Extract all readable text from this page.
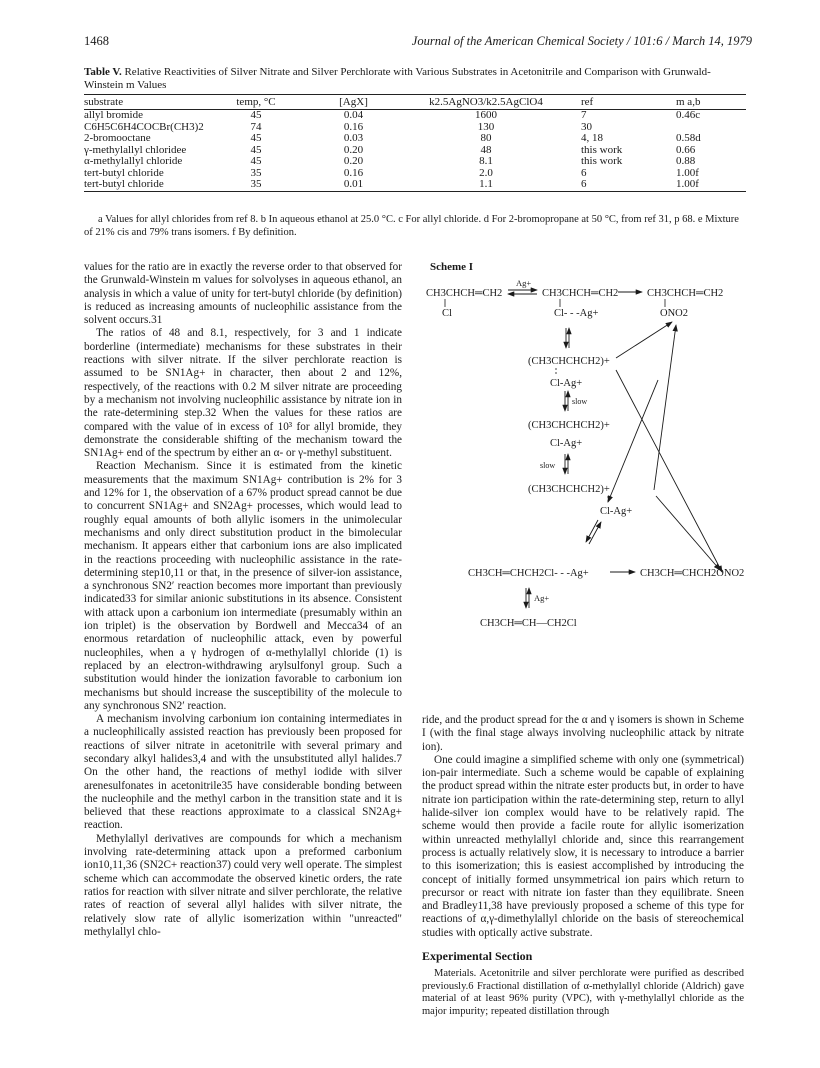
1468	Journal of the American Chemical Society / 101:6 / March 14, 1979
Table V. Relative Reactivities of Silver Nitrate and Silver Perchlorate with Various Substrates in Acetonitrile and Comparison with Grunwald-Winstein m Values
substrate	temp, °C	[AgX]	k2.5AgNO3/k2.5AgClO4	ref	m a,b
allyl bromide	45	0.04	1600	7	0.46c
C6H5C6H4COCBr(CH3)2	74	0.16	130	30	
2-bromooctane	45	0.03	80	4, 18	0.58d
γ-methylallyl chloridee	45	0.20	48	this work	0.66
α-methylallyl chloride	45	0.20	8.1	this work	0.88
tert-butyl chloride	35	0.16	2.0	6	1.00f
tert-butyl chloride	35	0.01	1.1	6	1.00f
a Values for allyl chlorides from ref 8. b In aqueous ethanol at 25.0 °C. c For allyl chloride. d For 2-bromopropane at 50 °C, from ref 31, p 68. e Mixture of 21% cis and 79% trans isomers. f By definition.

values for the ratio are in exactly the reverse order to that observed for the Grunwald-Winstein m values for solvolyses in aqueous ethanol, an analysis in which a value of unity for tert-butyl chloride (by definition) is reduced as increasing amounts of nucleophilic assistance from the solvent occurs.31

The ratios of 48 and 8.1, respectively, for 3 and 1 indicate borderline (intermediate) mechanisms for these substrates in their reactions with silver nitrate. If the silver perchlorate reaction is assumed to be SN1Ag+ in character, then about 2 and 12%, respectively, of the reactions with 0.2 M silver nitrate are proceeding by a mechanism not involving nucleophilic assistance by nitrate ion in the rate-determining step.32 When the values for these ratios are compared with the value of in excess of 10³ for allyl bromide, they demonstrate the considerable shifting of the mechanism toward the SN1Ag+ end of the spectrum by either an α- or γ-methyl substituent.

Reaction Mechanism. Since it is estimated from the kinetic measurements that the maximum SN1Ag+ contribution is 2% for 3 and 12% for 1, the observation of a 67% product spread cannot be due to concurrent SN1Ag+ and SN2Ag+ processes, which would lead to roughly equal amounts of both allylic isomers in the unimolecular mechanisms and only direct substitution product in the bimolecular mechanism. It appears either that carbonium ions are also implicated in the reactions proceeding with nucleophilic assistance in the rate-determining step10,11 or that, in the presence of silver-ion assistance, a synchronous SN2′ reaction becomes more important than previously indicated33 for similar anionic substitutions in its absence. Consistent with attack upon a carbonium ion intermediate (presumably within an ion triplet) is the observation by Bordwell and Mecca34 of an enormous retardation of nucleophilic attack, even by powerful nucleophiles, when a γ hydrogen of α-methylallyl chloride (1) is replaced by an electron-withdrawing arylsulfonyl group. Such a substitution would hinder the ionization favorable to carbonium ion mechanisms but should increase the susceptibility of the molecule to any synchronous SN2′ reaction.

A mechanism involving carbonium ion containing intermediates in a nucleophilically assisted reaction has previously been proposed for reactions of silver nitrate in acetonitrile with several primary and secondary alkyl halides3,4 and with the unsubstituted allyl halides.7 On the other hand, the reactions of methyl iodide with silver arenesulfonates in acetonitrile35 have considerable bonding between the nucleophile and the methyl carbon in the transition state and it is believed that these reactions approximate to a classical SN2Ag+ reaction.

Methylallyl derivatives are compounds for which a mechanism involving rate-determining attack upon a preformed carbonium ion10,11,36 (SN2C+ reaction37) could very well operate. The simplest scheme which can accommodate the observed kinetic orders, the rate ratios for reaction with silver nitrate and silver perchlorate, the relative rates of reaction of several allyl halides with silver nitrate, the relatively slow rate of allylic isomerization within "unreacted" methylallyl chlo-

Scheme I
CH3CHCH═CH2
Cl
Ag+
CH3CHCH═CH2
Cl- - -Ag+
CH3CHCH═CH2
ONO2
(CH3CHCHCH2)+
Cl-Ag+
slow
(CH3CHCHCH2)+
Cl-Ag+
slow
(CH3CHCHCH2)+
Cl-Ag+
CH3CH═CHCH2Cl- - -Ag+	CH3CH═CHCH2ONO2
Ag+
CH3CH═CH—CH2Cl

ride, and the product spread for the α and γ isomers is shown in Scheme I (with the final stage always involving nucleophilic attack by nitrate ion).

One could imagine a simplified scheme with only one (symmetrical) ion-pair intermediate. Such a scheme would be capable of explaining the product spread within the nitrate ester products but, in order to have nitrate ion participation within the rate-determining step, return to allyl halide-silver ion complex would have to be relatively rapid. The scheme would then provide a facile route for allylic isomerization within unreacted methylallyl chloride and, since this rearrangement process is actually relatively slow, it is necessary to introduce a barrier to this isomerization; this is easiest accomplished by introducing the concept of initially formed unsymmetrical ion pairs which return to precursor or react with nitrate ion faster than they equilibrate. Sneen and Bradley11,38 have previously proposed a scheme of this type for reactions of α,γ-dimethylallyl chloride on the basis of stereochemical studies with optically active substrate.

Experimental Section

Materials. Acetonitrile and silver perchlorate were purified as described previously.6 Fractional distillation of α-methylallyl chloride (Aldrich) gave material of at least 96% purity (VPC), with γ-methylallyl chloride as the major impurity; repeated distillation through
